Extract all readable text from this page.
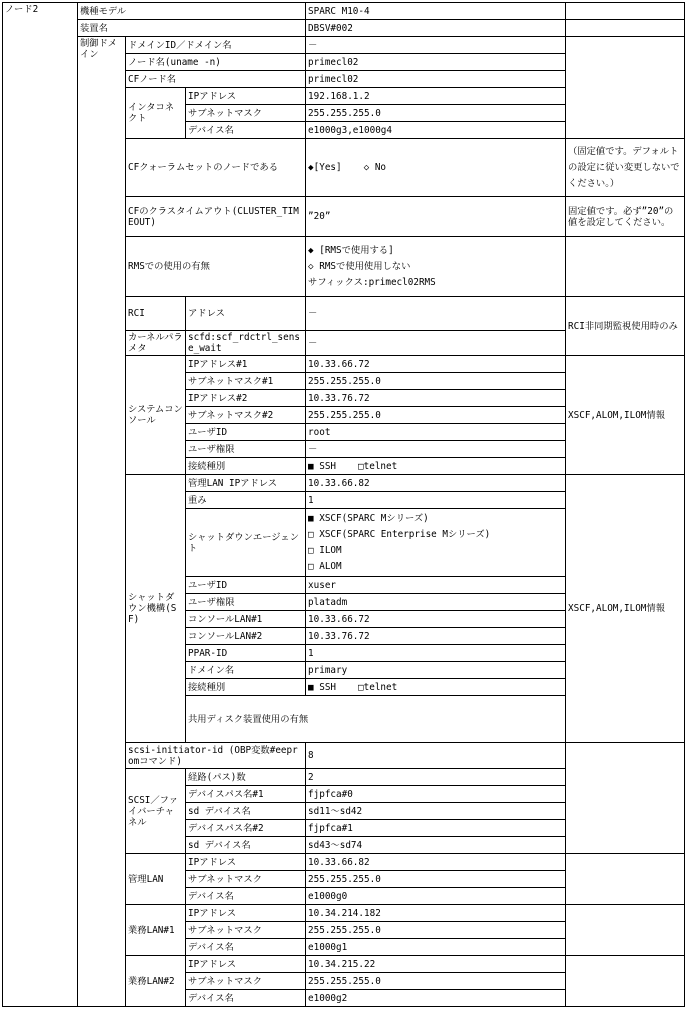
ノード2	機種モデル			SPARC M10-4		
	装置名			DBSV#002		
	制御ドメイン	ドメインID／ドメイン名		－		
		ノード名(uname -n)		primecl02		
		CFノード名		primecl02		
		インタコネクト	IPアドレス	192.168.1.2		
			サブネットマスク	255.255.255.0		
			デバイス名	e1000g3,e1000g4		
		CFクォーラムセットのノードである		◆[Yes] ◇ No	（固定値です。デフォルトの設定に従い変更しないでください。）	
		CFのクラスタイムアウト(CLUSTER_TIMEOUT)		”20”	固定値です。必ず”20”の値を設定してください。	
		RMSでの使用の有無		◆ [RMSで使用する]
◇ RMSで使用使用しない
サフィックス:primecl02RMS		

		RCI	アドレス	－	RCI非同期監視使用時のみ	
		カーネルパラメタ	scfd:scf_rdctrl_sense_wait	－		
		システムコンソール	IPアドレス#1	10.33.66.72	XSCF,ALOM,ILOM情報	
			サブネットマスク#1	255.255.255.0		
			IPアドレス#2	10.33.76.72		
			サブネットマスク#2	255.255.255.0		
			ユーザID	root		
			ユーザ権限	－		
			接続種別	■ SSH □telnet		
		シャットダウン機構(SF)	管理LAN IPアドレス	10.33.66.82	XSCF,ALOM,ILOM情報	
			重み	1		
			シャットダウンエージェント	■ XSCF(SPARC Mシリーズ)
□ XSCF(SPARC Enterprise Mシリーズ)
□ ILOM
□ ALOM		

			ユーザID	xuser		
			ユーザ権限	platadm		
			コンソールLAN#1	10.33.66.72		
			コンソールLAN#2	10.33.76.72		
			PPAR-ID	1		
			ドメイン名	primary		
			接続種別	■ SSH □telnet		
			共用ディスク装置使用の有無		
		scsi-initiator-id (OBP変数#eepromコマンド)		8		
		SCSI／ファイバーチャネル	経路(パス)数	2		
			デバイスパス名#1	fjpfca#0		
			sd デバイス名	sd11～sd42		
			デバイスパス名#2	fjpfca#1		
			sd デバイス名	sd43～sd74		
		管理LAN	IPアドレス	10.33.66.82		
			サブネットマスク	255.255.255.0		
			デバイス名	e1000g0		
		業務LAN#1	IPアドレス	10.34.214.182		
			サブネットマスク	255.255.255.0		
			デバイス名	e1000g1		
		業務LAN#2	IPアドレス	10.34.215.22		
			サブネットマスク	255.255.255.0		
			デバイス名	e1000g2		
